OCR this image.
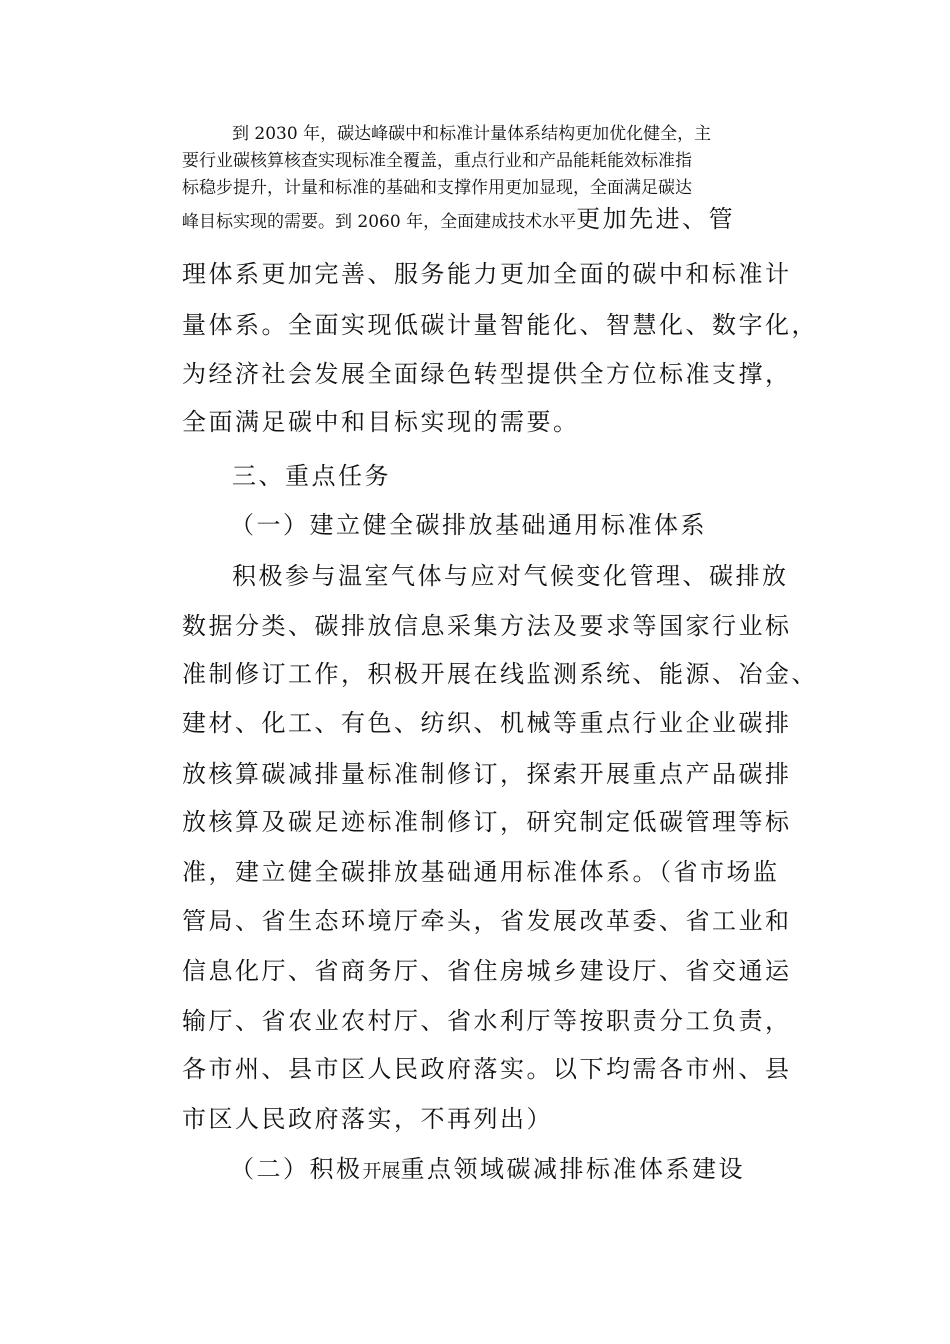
到 2030 年，碳达峰碳中和标准计量体系结构更加优化健全，主

要行业碳核算核查实现标准全覆盖，重点行业和产品能耗能效标准指

标稳步提升，计量和标准的基础和支撑作用更加显现，全面满足碳达

峰目标实现的需要。到 2060 年，全面建成技术水平更加先进、管

理体系更加完善、服务能力更加全面的碳中和标准计

量体系。全面实现低碳计量智能化、智慧化、数字化，

为经济社会发展全面绿色转型提供全方位标准支撑，

全面满足碳中和目标实现的需要。

三、重点任务

（一）建立健全碳排放基础通用标准体系

积极参与温室气体与应对气候变化管理、碳排放

数据分类、碳排放信息采集方法及要求等国家行业标

准制修订工作，积极开展在线监测系统、能源、冶金、

建材、化工、有色、纺织、机械等重点行业企业碳排

放核算碳减排量标准制修订，探索开展重点产品碳排

放核算及碳足迹标准制修订，研究制定低碳管理等标

准，建立健全碳排放基础通用标准体系。（省市场监

管局、省生态环境厅牵头，省发展改革委、省工业和

信息化厅、省商务厅、省住房城乡建设厅、省交通运

输厅、省农业农村厅、省水利厅等按职责分工负责，

各市州、县市区人民政府落实。以下均需各市州、县

市区人民政府落实，不再列出）

（二）积极开展重点领域碳减排标准体系建设
